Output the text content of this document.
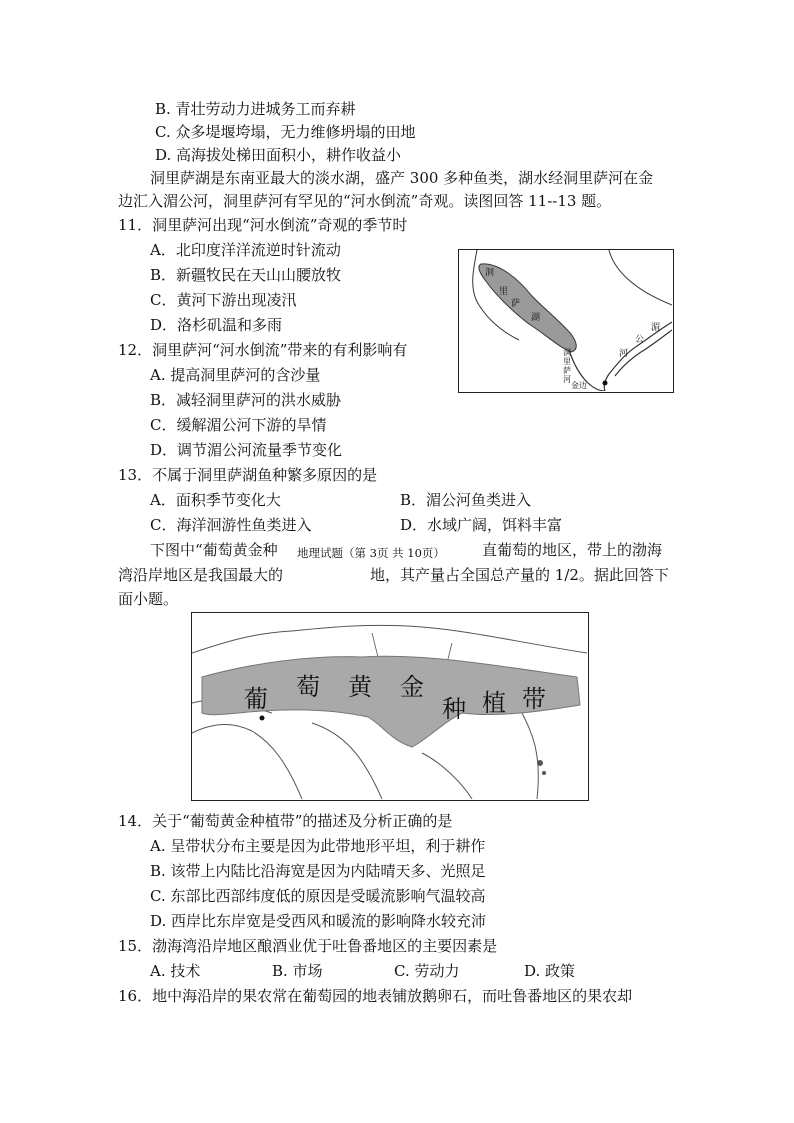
B. 青壮劳动力进城务工而弃耕
C. 众多堤堰垮塌，无力维修坍塌的田地
D. 高海拔处梯田面积小，耕作收益小
洞里萨湖是东南亚最大的淡水湖，盛产 300 多种鱼类，湖水经洞里萨河在金
边汇入湄公河，洞里萨河有罕见的“河水倒流”奇观。读图回答 11--13 题。
11．洞里萨河出现“河水倒流”奇观的季节时
A．北印度洋洋流逆时针流动
B．新疆牧民在天山山腰放牧
C．黄河下游出现凌汛
D．洛杉矶温和多雨
12．洞里萨河“河水倒流”带来的有利影响有
A. 提高洞里萨河的含沙量
B．减轻洞里萨河的洪水威胁
C．缓解湄公河下游的旱情
D．调节湄公河流量季节变化
13．不属于洞里萨湖鱼种繁多原因的是
A．面积季节变化大	B．湄公河鱼类进入
C．海洋洄游性鱼类进入	D．水域广阔，饵料丰富
下图中“葡萄黄金种	直葡萄的地区，带上的渤海
湾沿岸地区是我国最大的	地，其产量占全国总产量的 1/2。据此回答下
面小题。
地理试题（第 3页 共 10页）
洞
里
萨
湖
洞
里
萨
河
湄
公
河
金边
葡 萄 黄 金
种 植 带
14．关于“葡萄黄金种植带”的描述及分析正确的是
A. 呈带状分布主要是因为此带地形平坦，利于耕作
B. 该带上内陆比沿海宽是因为内陆晴天多、光照足
C. 东部比西部纬度低的原因是受暖流影响气温较高
D. 西岸比东岸宽是受西风和暖流的影响降水较充沛
15．渤海湾沿岸地区酿酒业优于吐鲁番地区的主要因素是
A. 技术	B. 市场	C. 劳动力	D. 政策
16．地中海沿岸的果农常在葡萄园的地表铺放鹅卵石，而吐鲁番地区的果农却
